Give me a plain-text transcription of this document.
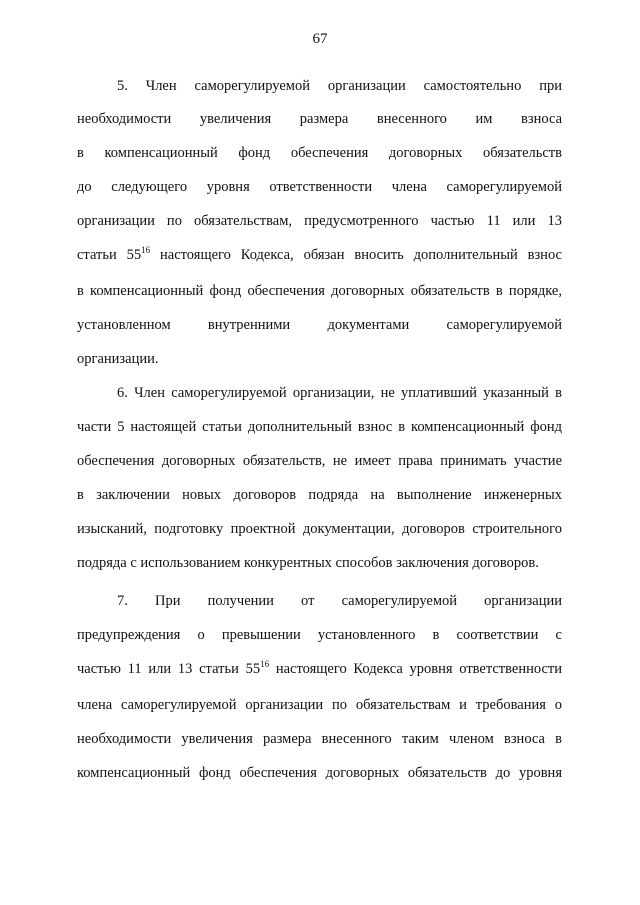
67
5. Член саморегулируемой организации самостоятельно при
необходимости увеличения размера внесенного им взноса
в компенсационный фонд обеспечения договорных обязательств
до следующего уровня ответственности члена саморегулируемой
организации по обязательствам, предусмотренного частью 11 или 13
статьи $55^{16}$ настоящего Кодекса, обязан вносить дополнительный взнос
в компенсационный фонд обеспечения договорных обязательств в порядке,
установленном внутренними документами саморегулируемой
организации.
6. Член саморегулируемой организации, не уплативший указанный в
части 5 настоящей статьи дополнительный взнос в компенсационный фонд
обеспечения договорных обязательств, не имеет права принимать участие
в заключении новых договоров подряда на выполнение инженерных
изысканий, подготовку проектной документации, договоров строительного
подряда с использованием конкурентных способов заключения договоров.
7. При получении от саморегулируемой организации
предупреждения о превышении установленного в соответствии с
частью 11 или 13 статьи $55^{16}$ настоящего Кодекса уровня ответственности
члена саморегулируемой организации по обязательствам и требования о
необходимости увеличения размера внесенного таким членом взноса в
компенсационный фонд обеспечения договорных обязательств до уровня
